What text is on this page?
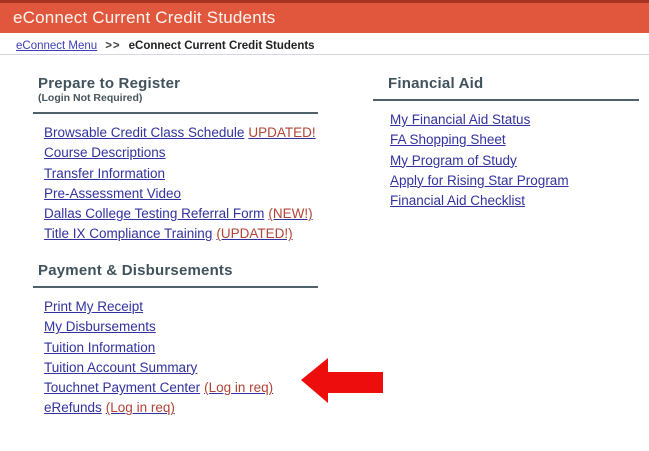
eConnect Current Credit Students
eConnect Menu >> eConnect Current Credit Students
Prepare to Register
(Login Not Required)
Browsable Credit Class Schedule UPDATED!
Course Descriptions
Transfer Information
Pre-Assessment Video
Dallas College Testing Referral Form (NEW!)
Title IX Compliance Training (UPDATED!)
Payment & Disbursements
Print My Receipt
My Disbursements
Tuition Information
Tuition Account Summary
Touchnet Payment Center (Log in req)
eRefunds (Log in req)
Financial Aid
My Financial Aid Status
FA Shopping Sheet
My Program of Study
Apply for Rising Star Program
Financial Aid Checklist
